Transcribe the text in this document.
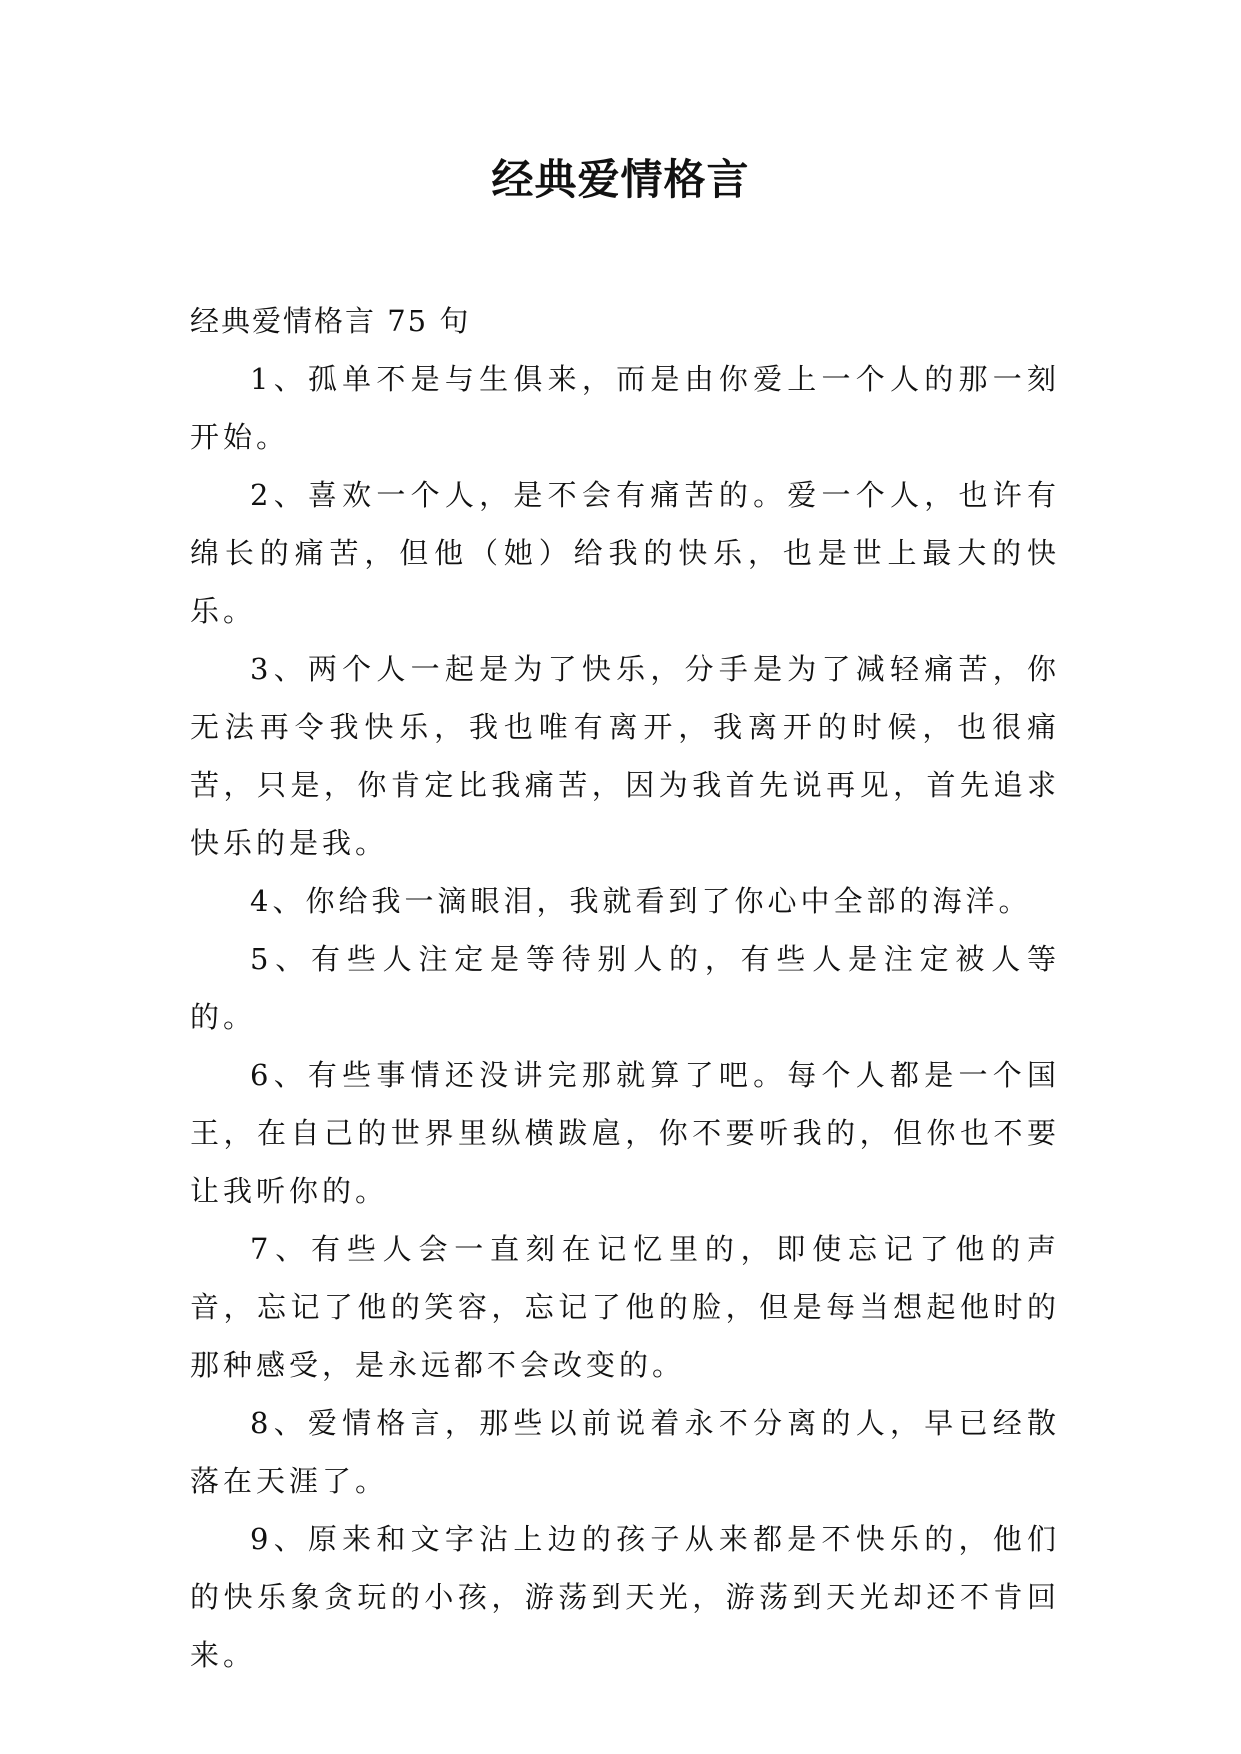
经典爱情格言

经典爱情格言 75 句

1、孤单不是与生俱来，而是由你爱上一个人的那一刻开始。

2、喜欢一个人，是不会有痛苦的。爱一个人，也许有绵长的痛苦，但他（她）给我的快乐，也是世上最大的快乐。

3、两个人一起是为了快乐，分手是为了减轻痛苦，你无法再令我快乐，我也唯有离开，我离开的时候，也很痛苦，只是，你肯定比我痛苦，因为我首先说再见，首先追求快乐的是我。

4、你给我一滴眼泪，我就看到了你心中全部的海洋。

5、有些人注定是等待别人的，有些人是注定被人等的。

6、有些事情还没讲完那就算了吧。每个人都是一个国王，在自己的世界里纵横跋扈，你不要听我的，但你也不要让我听你的。

7、有些人会一直刻在记忆里的，即使忘记了他的声音，忘记了他的笑容，忘记了他的脸，但是每当想起他时的那种感受，是永远都不会改变的。

8、爱情格言，那些以前说着永不分离的人，早已经散落在天涯了。

9、原来和文字沾上边的孩子从来都是不快乐的，他们的快乐象贪玩的小孩，游荡到天光，游荡到天光却还不肯回来。
